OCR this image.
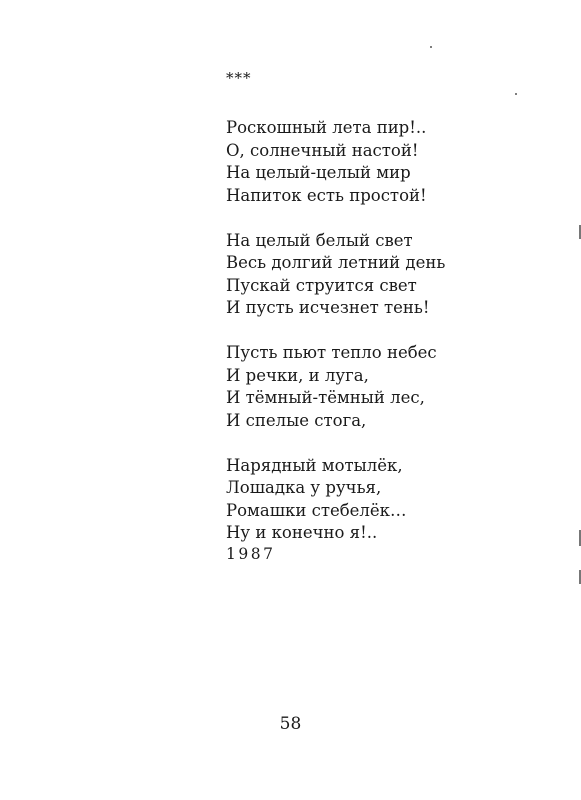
***
Роскошный лета пир!..
О, солнечный настой!
На целый-целый мир
Напиток есть простой!
На целый белый свет
Весь долгий летний день
Пускай струится свет
И пусть исчезнет тень!
Пусть пьют тепло небес
И речки, и луга,
И тёмный-тёмный лес,
И спелые стога,
Нарядный мотылёк,
Лошадка у ручья,
Ромашки стебелёк…
Ну и конечно я!..
1987
58
